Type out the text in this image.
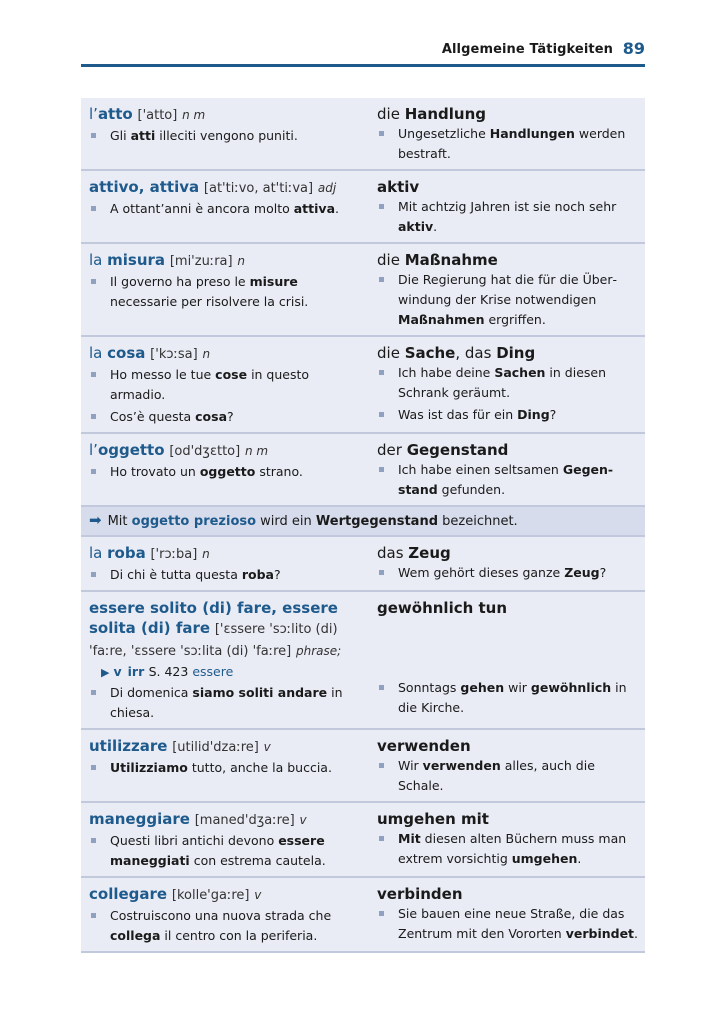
Allgemeine Tätigkeiten 89
l’atto ['atto] n m
Gli atti illeciti vengono puniti.
die Handlung
Ungesetzliche Handlungen werden bestraft.
attivo, attiva [at'tiːvo, at'tiːva] adj
A ottant’anni è ancora molto attiva.
aktiv
Mit achtzig Jahren ist sie noch sehr aktiv.
la misura [mi'zuːra] n
Il governo ha preso le misure necessarie per risolvere la crisi.
die Maßnahme
Die Regierung hat die für die Überwindung der Krise notwendigen Maßnahmen ergriffen.
la cosa ['kɔːsa] n
Ho messo le tue cose in questo armadio.
Cos’è questa cosa?
die Sache, das Ding
Ich habe deine Sachen in diesen Schrank geräumt.
Was ist das für ein Ding?
l’oggetto [od'dʒɛtto] n m
Ho trovato un oggetto strano.
der Gegenstand
Ich habe einen seltsamen Gegenstand gefunden.
➡ Mit oggetto prezioso wird ein Wertgegenstand bezeichnet.
la roba ['rɔːba] n
Di chi è tutta questa roba?
das Zeug
Wem gehört dieses ganze Zeug?
essere solito (di) fare, essere solita (di) fare ['ɛssere 'sɔːlito (di) 'faːre, 'ɛssere 'sɔːlita (di) 'faːre] phrase;
▶ v irr S. 423 essere
Di domenica siamo soliti andare in chiesa.
gewöhnlich tun
Sonntags gehen wir gewöhnlich in die Kirche.
utilizzare [utilid'dzaːre] v
Utilizziamo tutto, anche la buccia.
verwenden
Wir verwenden alles, auch die Schale.
maneggiare [maned'dʒaːre] v
Questi libri antichi devono essere maneggiati con estrema cautela.
umgehen mit
Mit diesen alten Büchern muss man extrem vorsichtig umgehen.
collegare [kolle'gaːre] v
Costruiscono una nuova strada che collega il centro con la periferia.
verbinden
Sie bauen eine neue Straße, die das Zentrum mit den Vororten verbindet.
